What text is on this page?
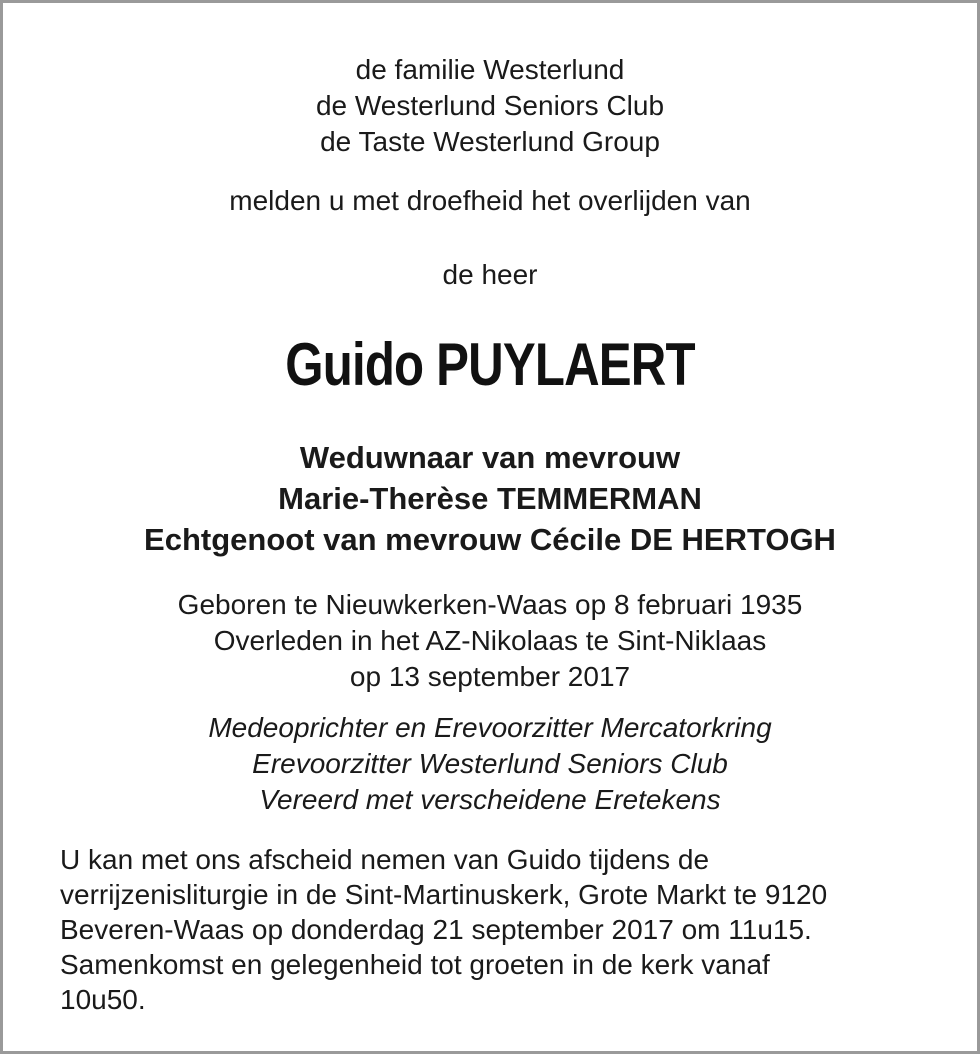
de familie Westerlund
de Westerlund Seniors Club
de Taste Westerlund Group
melden u met droefheid het overlijden van
de heer
Guido PUYLAERT
Weduwnaar van mevrouw
Marie-Therèse TEMMERMAN
Echtgenoot van mevrouw Cécile DE HERTOGH
Geboren te Nieuwkerken-Waas op 8 februari 1935
Overleden in het AZ-Nikolaas te Sint-Niklaas
op 13 september 2017
Medeoprichter en Erevoorzitter Mercatorkring
Erevoorzitter Westerlund Seniors Club
Vereerd met verscheidene Eretekens
U kan met ons afscheid nemen van Guido tijdens de
verrijzenisliturgie in de Sint-Martinuskerk, Grote Markt te 9120
Beveren-Waas op donderdag 21 september 2017 om 11u15.
Samenkomst en gelegenheid tot groeten in de kerk vanaf
10u50.
